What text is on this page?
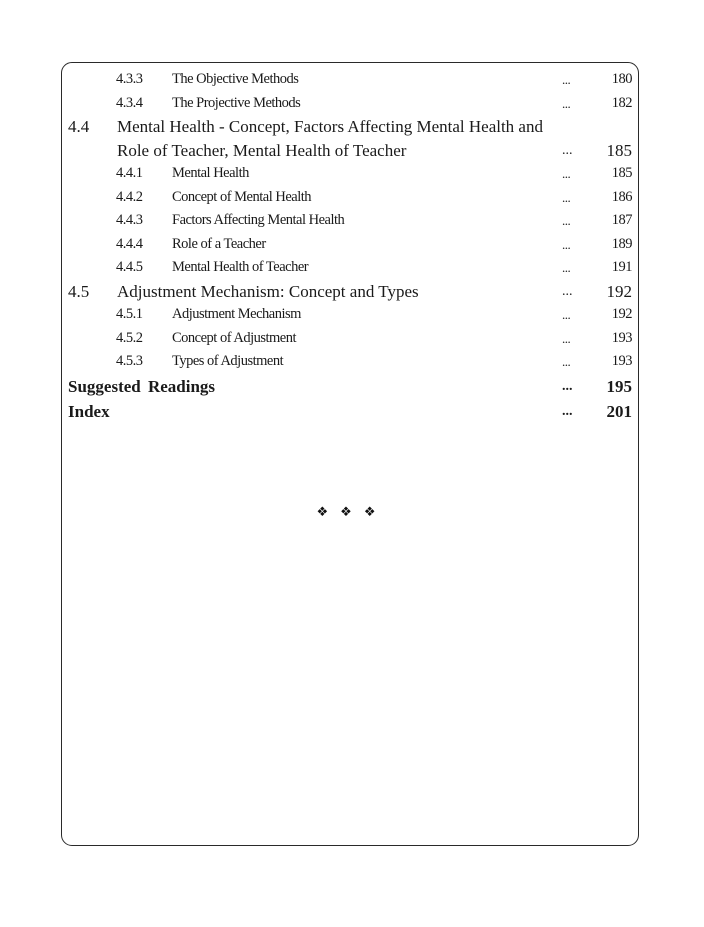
4.3.3 The Objective Methods	...	180
4.3.4 The Projective Methods	...	182
4.4 Mental Health - Concept, Factors Affecting Mental Health and Role of Teacher, Mental Health of Teacher	... 185
4.4.1 Mental Health	...	185
4.4.2 Concept of Mental Health	...	186
4.4.3 Factors Affecting Mental Health	...	187
4.4.4 Role of a Teacher	...	189
4.4.5 Mental Health of Teacher	...	191
4.5 Adjustment Mechanism: Concept and Types	... 192
4.5.1 Adjustment Mechanism	...	192
4.5.2 Concept of Adjustment	...	193
4.5.3 Types of Adjustment	...	193
Suggested Readings	... 195
Index	... 201
❖❖❖
